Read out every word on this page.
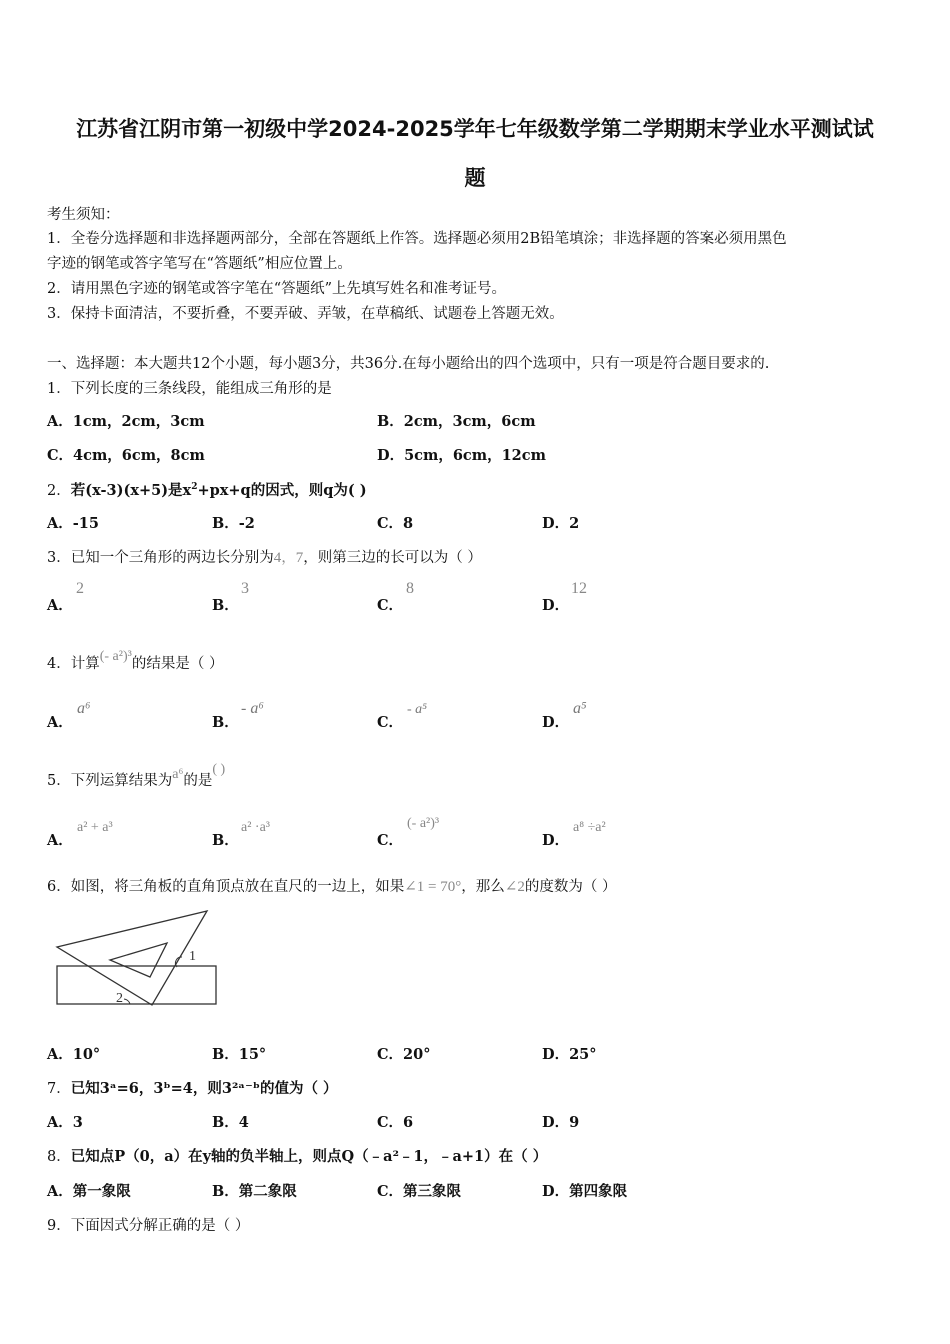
江苏省江阴市第一初级中学2024-2025学年七年级数学第二学期期末学业水平测试试
题
考生须知：
1．全卷分选择题和非选择题两部分，全部在答题纸上作答。选择题必须用2B铅笔填涂；非选择题的答案必须用黑色
字迹的钢笔或答字笔写在“答题纸”相应位置上。
2．请用黑色字迹的钢笔或答字笔在“答题纸”上先填写姓名和准考证号。
3．保持卡面清洁，不要折叠，不要弄破、弄皱，在草稿纸、试题卷上答题无效。
一、选择题：本大题共12个小题，每小题3分，共36分.在每小题给出的四个选项中，只有一项是符合题目要求的.
1．下列长度的三条线段，能组成三角形的是
A．1cm，2cm，3cm	B．2cm，3cm，6cm
C．4cm，6cm，8cm	D．5cm，6cm，12cm
2．若(x-3)(x+5)是$x^2+px+q$的因式，则q为( )
A．-15	B．-2	C．8	D．2
3．已知一个三角形的两边长分别为4，7，则第三边的长可以为（ ）
A．
2
B．
3
C．
8
D．
12
4．计算(- a²)³的结果是（ ）
A．
a⁶
B．
- a⁶
C．
- a⁵
D．
a⁵
5．下列运算结果为a⁶的是( )
A．
a² + a³
B．
a² ·a³
C．
(- a²)³
D．
a⁸ ÷a²
6．如图，将三角板的直角顶点放在直尺的一边上，如果∠1 = 70°，那么∠2的度数为（ ）
1
2
A．10°	B．15°	C．20°	D．25°
7．已知3ᵃ=6，3ᵇ=4，则3²ᵃ⁻ᵇ的值为（ ）
A．3	B．4	C．6	D．9
8．已知点P（0，a）在y轴的负半轴上，则点Q（﹣a²﹣1，﹣a+1）在（ ）
A．第一象限	B．第二象限	C．第三象限	D．第四象限
9．下面因式分解正确的是（ ）
